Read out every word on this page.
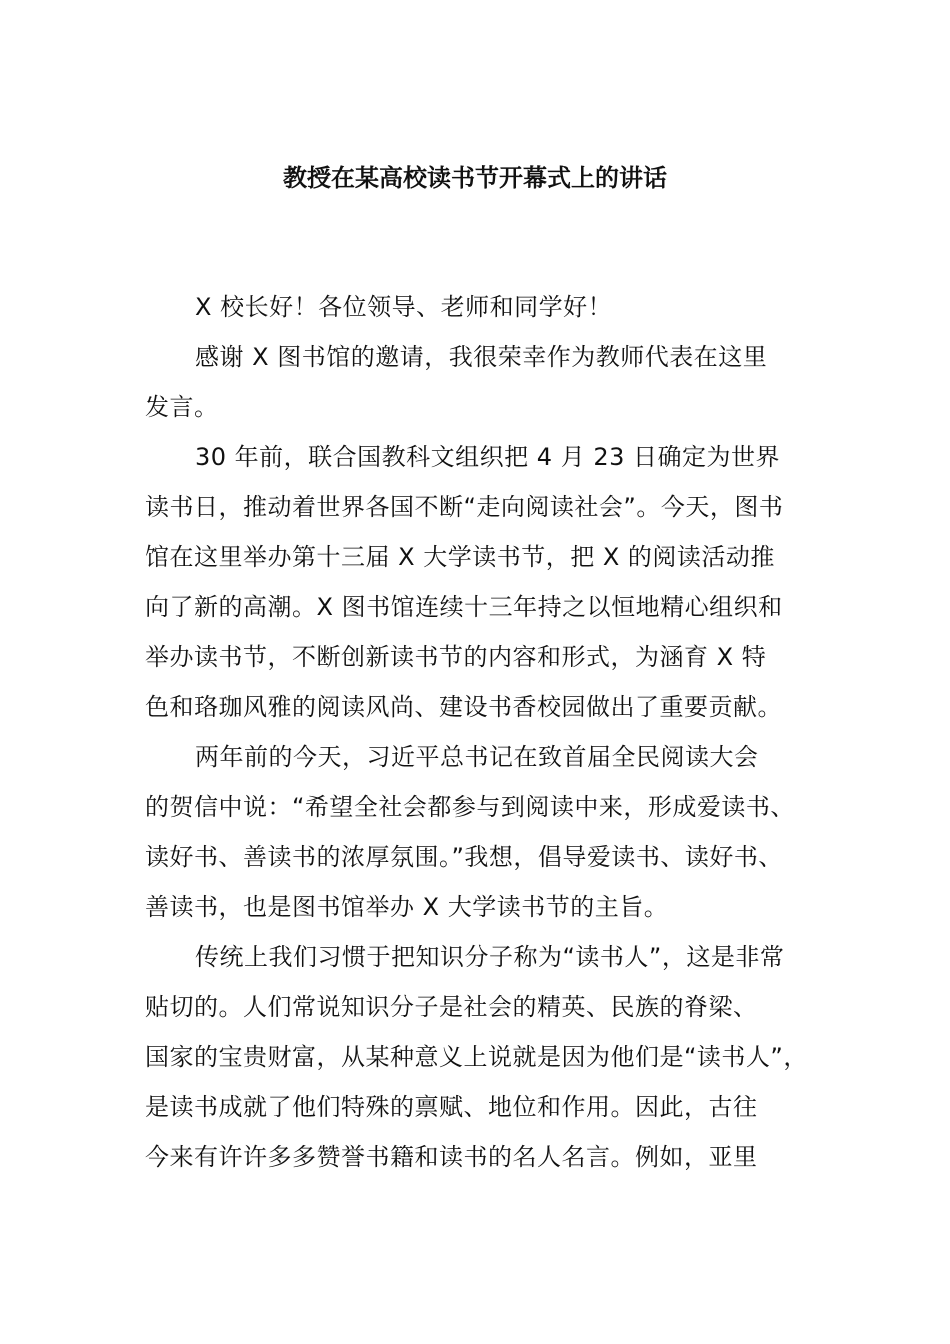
教授在某高校读书节开幕式上的讲话

X 校长好！各位领导、老师和同学好！

感谢 X 图书馆的邀请，我很荣幸作为教师代表在这里
发言。

30 年前，联合国教科文组织把 4 月 23 日确定为世界
读书日，推动着世界各国不断“走向阅读社会”。今天，图书
馆在这里举办第十三届 X 大学读书节，把 X 的阅读活动推
向了新的高潮。X 图书馆连续十三年持之以恒地精心组织和
举办读书节，不断创新读书节的内容和形式，为涵育 X 特
色和珞珈风雅的阅读风尚、建设书香校园做出了重要贡献。

两年前的今天，习近平总书记在致首届全民阅读大会
的贺信中说：“希望全社会都参与到阅读中来，形成爱读书、
读好书、善读书的浓厚氛围。”我想，倡导爱读书、读好书、
善读书，也是图书馆举办 X 大学读书节的主旨。

传统上我们习惯于把知识分子称为“读书人”，这是非常
贴切的。人们常说知识分子是社会的精英、民族的脊梁、
国家的宝贵财富，从某种意义上说就是因为他们是“读书人”，
是读书成就了他们特殊的禀赋、地位和作用。因此，古往
今来有许许多多赞誉书籍和读书的名人名言。例如，亚里
